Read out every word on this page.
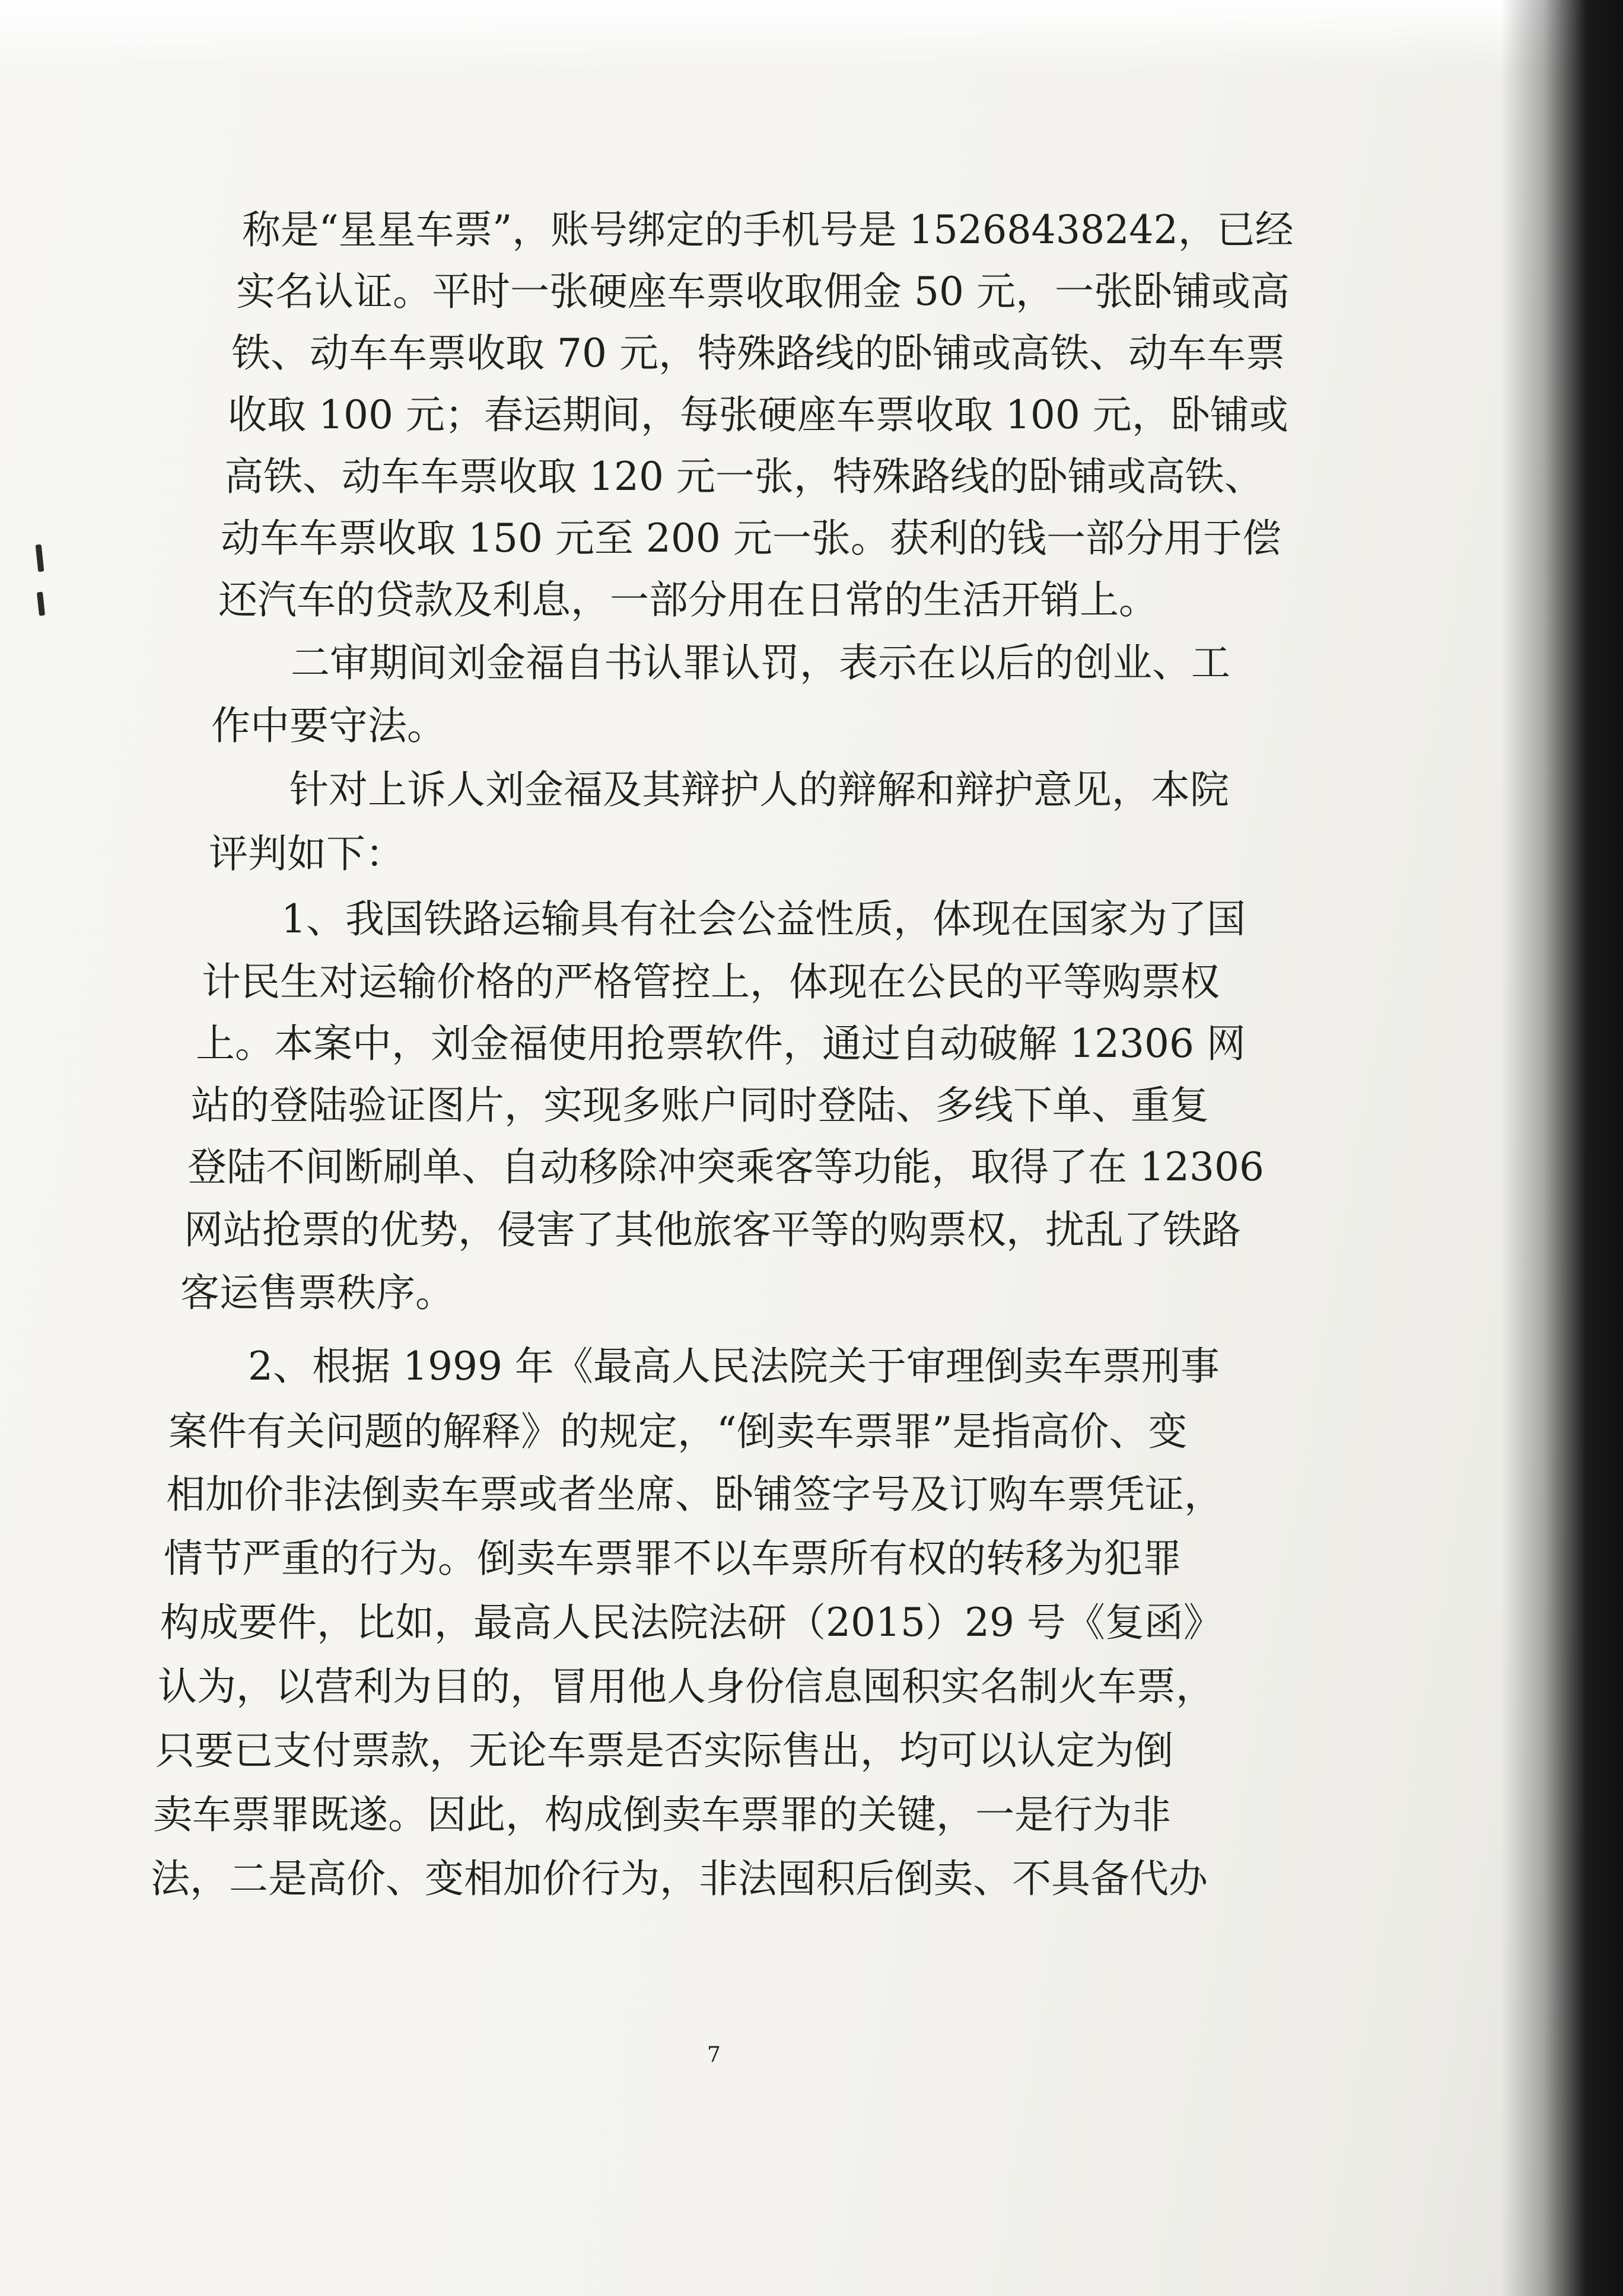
称是“星星车票”，账号绑定的手机号是 15268438242，已经

实名认证。平时一张硬座车票收取佣金 50 元，一张卧铺或高

铁、动车车票收取 70 元，特殊路线的卧铺或高铁、动车车票

收取 100 元；春运期间，每张硬座车票收取 100 元，卧铺或

高铁、动车车票收取 120 元一张，特殊路线的卧铺或高铁、

动车车票收取 150 元至 200 元一张。获利的钱一部分用于偿

还汽车的贷款及利息，一部分用在日常的生活开销上。

二审期间刘金福自书认罪认罚，表示在以后的创业、工

作中要守法。

针对上诉人刘金福及其辩护人的辩解和辩护意见，本院

评判如下：

1、我国铁路运输具有社会公益性质，体现在国家为了国

计民生对运输价格的严格管控上，体现在公民的平等购票权

上。本案中，刘金福使用抢票软件，通过自动破解 12306 网

站的登陆验证图片，实现多账户同时登陆、多线下单、重复

登陆不间断刷单、自动移除冲突乘客等功能，取得了在 12306

网站抢票的优势，侵害了其他旅客平等的购票权，扰乱了铁路

客运售票秩序。

2、根据 1999 年《最高人民法院关于审理倒卖车票刑事

案件有关问题的解释》的规定，“倒卖车票罪”是指高价、变

相加价非法倒卖车票或者坐席、卧铺签字号及订购车票凭证，

情节严重的行为。倒卖车票罪不以车票所有权的转移为犯罪

构成要件，比如，最高人民法院法研（2015）29 号《复函》

认为，以营利为目的，冒用他人身份信息囤积实名制火车票，

只要已支付票款，无论车票是否实际售出，均可以认定为倒

卖车票罪既遂。因此，构成倒卖车票罪的关键，一是行为非

法，二是高价、变相加价行为，非法囤积后倒卖、不具备代办

7
